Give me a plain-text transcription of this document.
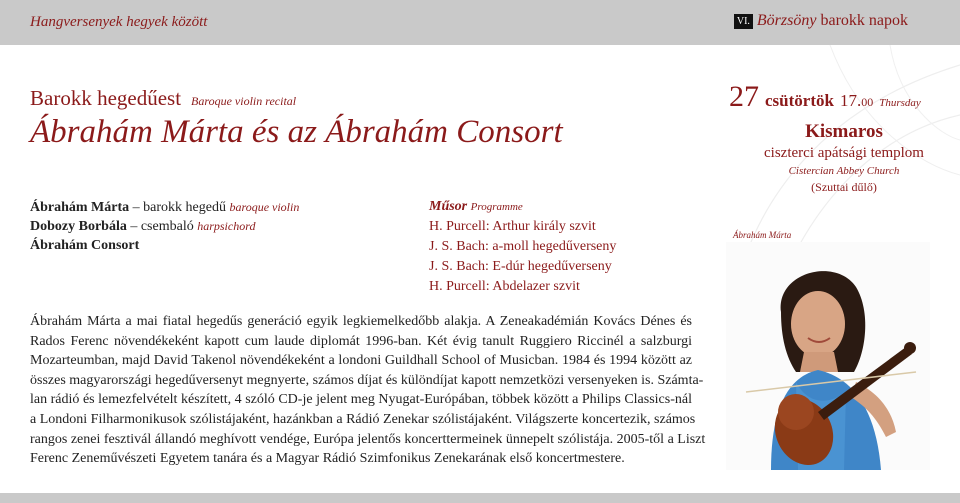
Hangversenyek hegyek között	VI. Börzsöny
barokk napok
Barokk hegedűest Baroque violin recital
Ábrahám Márta és az Ábrahám Consort
Ábrahám Márta – barokk hegedű baroque violin
Dobozy Borbála – csembaló harpsichord
Ábrahám Consort
Műsor Programme
H. Purcell: Arthur király szvit
J. S. Bach: a-moll hegedűverseny
J. S. Bach: E-dúr hegedűverseny
H. Purcell: Abdelazer szvit
27 csütörtök 17.00 Thursday
Kismaros
ciszterci apátsági templom
Cistercian Abbey Church
(Szuttai dűlő)
Ábrahám Márta
Ábrahám Márta a mai fiatal hegedűs generáció egyik legkiemelkedőbb alakja. A Zeneakadémián Kovács Dénes és
Rados Ferenc növendékeként kapott cum laude diplomát 1996-ban. Két évig tanult Ruggiero Riccinél a salzburgi
Mozarteumban, majd David Takenol növendékeként a londoni Guildhall School of Musicban. 1984 és 1994 között az
összes magyarországi hegedűversenyt megnyerte, számos díjat és különdíjat kapott nemzetközi versenyeken is. Számta-
lan rádió és lemezfelvételt készített, 4 szóló CD-je jelent meg Nyugat-Európában, többek között a Philips Classics-nál
a Londoni Filharmonikusok szólistájaként, hazánkban a Rádió Zenekar szólistájaként. Világszerte koncertezik, számos
rangos zenei fesztivál állandó meghívott vendége, Európa jelentős koncerttermeinek ünnepelt szólistája. 2005-től a Liszt
Ferenc Zeneművészeti Egyetem tanára és a Magyar Rádió Szimfonikus Zenekarának első koncertmestere.
